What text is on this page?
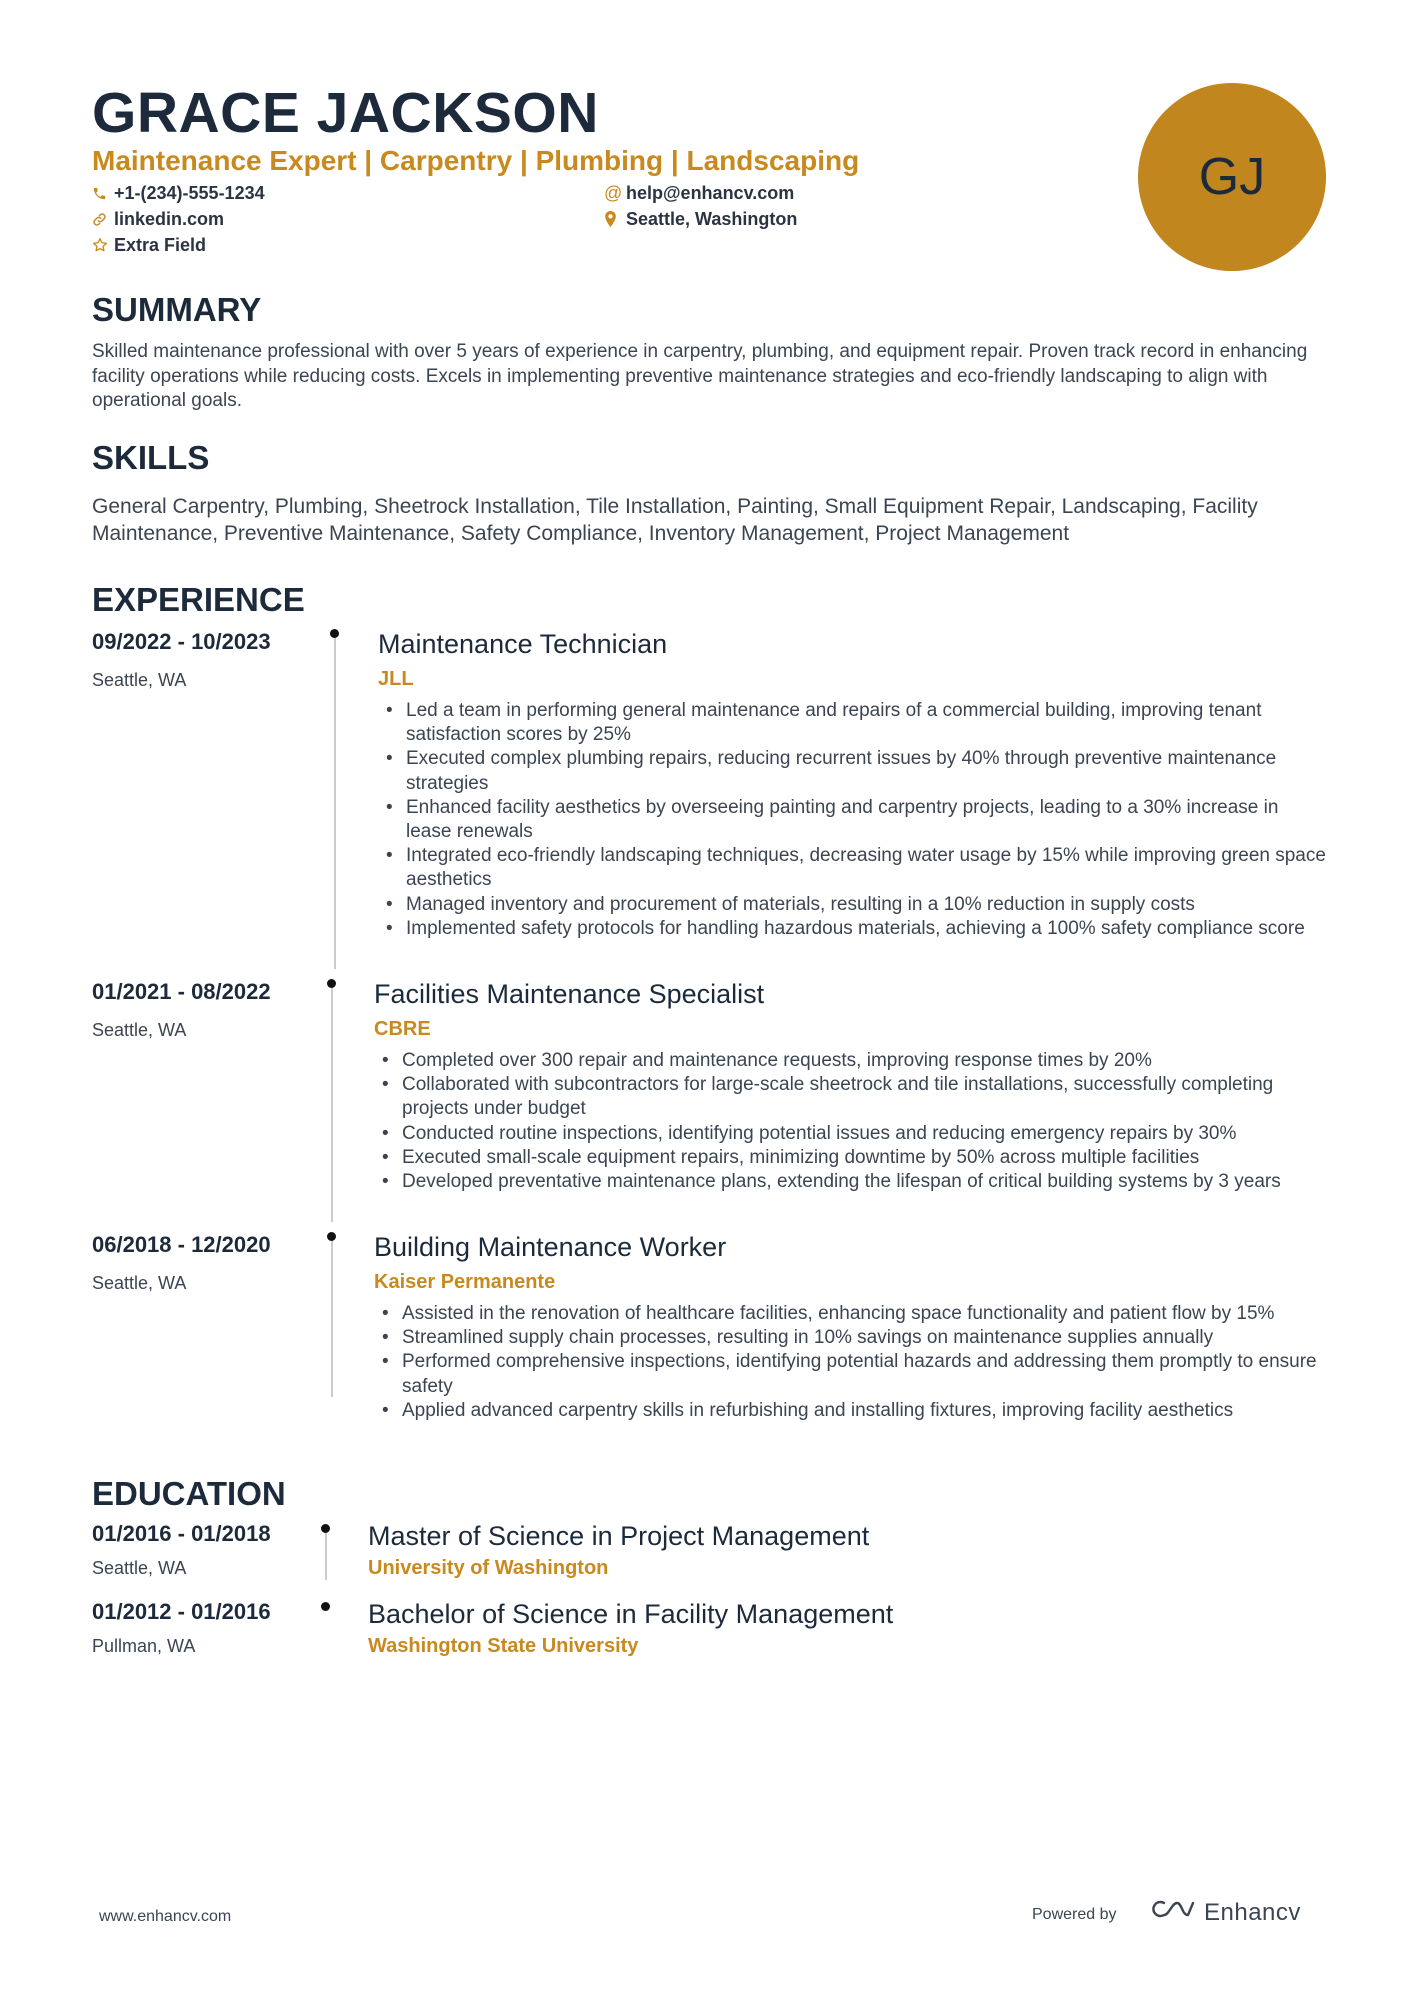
GRACE JACKSON
Maintenance Expert | Carpentry | Plumbing | Landscaping
+1-(234)-555-1234	@ help@enhancv.com
linkedin.com	Seattle, Washington
Extra Field
GJ
SUMMARY
Skilled maintenance professional with over 5 years of experience in carpentry, plumbing, and equipment repair. Proven track record in enhancing facility operations while reducing costs. Excels in implementing preventive maintenance strategies and eco-friendly landscaping to align with operational goals.
SKILLS
General Carpentry, Plumbing, Sheetrock Installation, Tile Installation, Painting, Small Equipment Repair, Landscaping, Facility Maintenance, Preventive Maintenance, Safety Compliance, Inventory Management, Project Management
EXPERIENCE
09/2022 - 10/2023
Seattle, WA
Maintenance Technician
JLL
• Led a team in performing general maintenance and repairs of a commercial building, improving tenant satisfaction scores by 25%
• Executed complex plumbing repairs, reducing recurrent issues by 40% through preventive maintenance strategies
• Enhanced facility aesthetics by overseeing painting and carpentry projects, leading to a 30% increase in lease renewals
• Integrated eco-friendly landscaping techniques, decreasing water usage by 15% while improving green space aesthetics
• Managed inventory and procurement of materials, resulting in a 10% reduction in supply costs
• Implemented safety protocols for handling hazardous materials, achieving a 100% safety compliance score
01/2021 - 08/2022
Seattle, WA
Facilities Maintenance Specialist
CBRE
• Completed over 300 repair and maintenance requests, improving response times by 20%
• Collaborated with subcontractors for large-scale sheetrock and tile installations, successfully completing projects under budget
• Conducted routine inspections, identifying potential issues and reducing emergency repairs by 30%
• Executed small-scale equipment repairs, minimizing downtime by 50% across multiple facilities
• Developed preventative maintenance plans, extending the lifespan of critical building systems by 3 years
06/2018 - 12/2020
Seattle, WA
Building Maintenance Worker
Kaiser Permanente
• Assisted in the renovation of healthcare facilities, enhancing space functionality and patient flow by 15%
• Streamlined supply chain processes, resulting in 10% savings on maintenance supplies annually
• Performed comprehensive inspections, identifying potential hazards and addressing them promptly to ensure safety
• Applied advanced carpentry skills in refurbishing and installing fixtures, improving facility aesthetics
EDUCATION
01/2016 - 01/2018
Seattle, WA
Master of Science in Project Management
University of Washington
01/2012 - 01/2016
Pullman, WA
Bachelor of Science in Facility Management
Washington State University
www.enhancv.com	Powered by	Enhancv
